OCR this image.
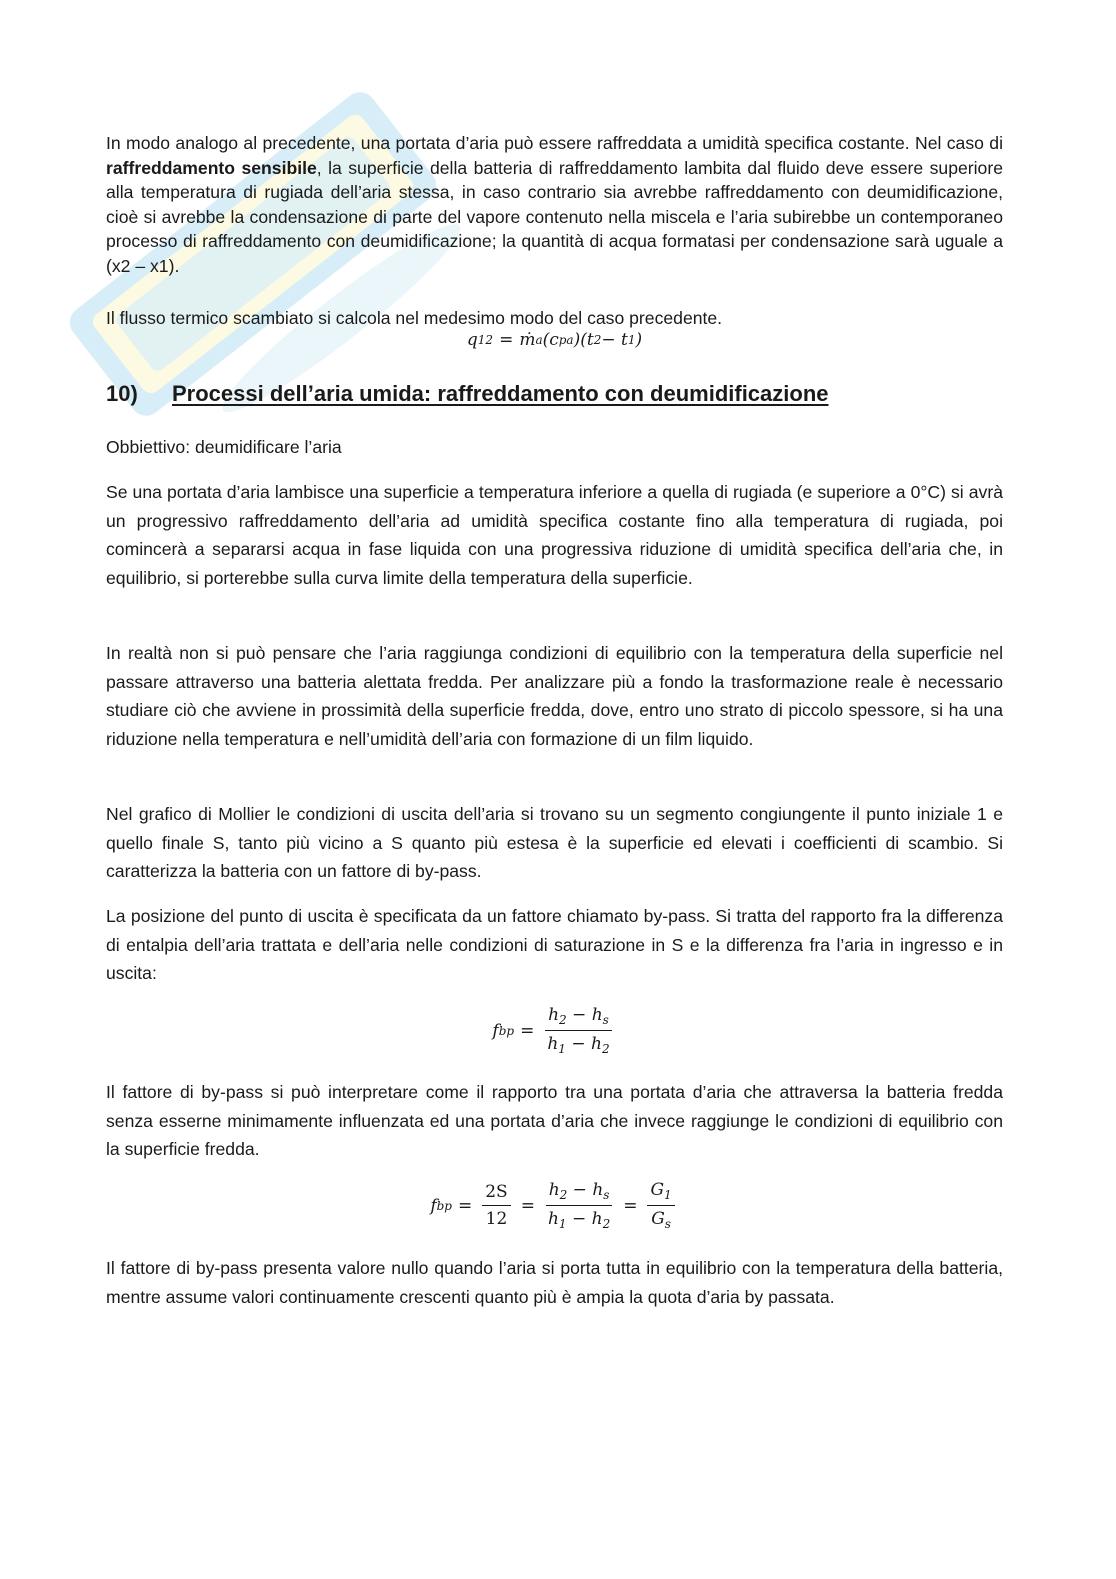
In modo analogo al precedente, una portata d’aria può essere raffreddata a umidità specifica costante. Nel caso di raffreddamento sensibile, la superficie della batteria di raffreddamento lambita dal fluido deve essere superiore alla temperatura di rugiada dell’aria stessa, in caso contrario sia avrebbe raffreddamento con deumidificazione, cioè si avrebbe la condensazione di parte del vapore contenuto nella miscela e l’aria subirebbe un contemporaneo processo di raffreddamento con deumidificazione; la quantità di acqua formatasi per condensazione sarà uguale a (x2 – x1).

Il flusso termico scambiato si calcola nel medesimo modo del caso precedente.

q 12 = ṁ a (c pa ) (t 2 − t 1 )
10)	Processi dell’aria umida: raffreddamento con deumidificazione

Obbiettivo: deumidificare l’aria

Se una portata d’aria lambisce una superficie a temperatura inferiore a quella di rugiada (e superiore a 0°C) si avrà un progressivo raffreddamento dell’aria ad umidità specifica costante fino alla temperatura di rugiada, poi comincerà a separarsi acqua in fase liquida con una progressiva riduzione di umidità specifica dell’aria che, in equilibrio, si porterebbe sulla curva limite della temperatura della superficie.

In realtà non si può pensare che l’aria raggiunga condizioni di equilibrio con la temperatura della superficie nel passare attraverso una batteria alettata fredda. Per analizzare più a fondo la trasformazione reale è necessario studiare ciò che avviene in prossimità della superficie fredda, dove, entro uno strato di piccolo spessore, si ha una riduzione nella temperatura e nell’umidità dell’aria con formazione di un film liquido.

Nel grafico di Mollier le condizioni di uscita dell’aria si trovano su un segmento congiungente il punto iniziale 1 e quello finale S, tanto più vicino a S quanto più estesa è la superficie ed elevati i coefficienti di scambio. Si caratterizza la batteria con un fattore di by-pass.

La posizione del punto di uscita è specificata da un fattore chiamato by-pass. Si tratta del rapporto fra la differenza di entalpia dell’aria trattata e dell’aria nelle condizioni di saturazione in S e la differenza fra l’aria in ingresso e in uscita:

f bp = $\frac{h_2 - h_s}{h_1 - h_2}$

Il fattore di by-pass si può interpretare come il rapporto tra una portata d’aria che attraversa la batteria fredda senza esserne minimamente influenzata ed una portata d’aria che invece raggiunge le condizioni di equilibrio con la superficie fredda.

f bp = $\frac{2S}{12} = \frac{h_2 - h_s}{h_1 - h_2} = \frac{G_1}{G_s}$

Il fattore di by-pass presenta valore nullo quando l’aria si porta tutta in equilibrio con la temperatura della batteria, mentre assume valori continuamente crescenti quanto più è ampia la quota d’aria by passata.
